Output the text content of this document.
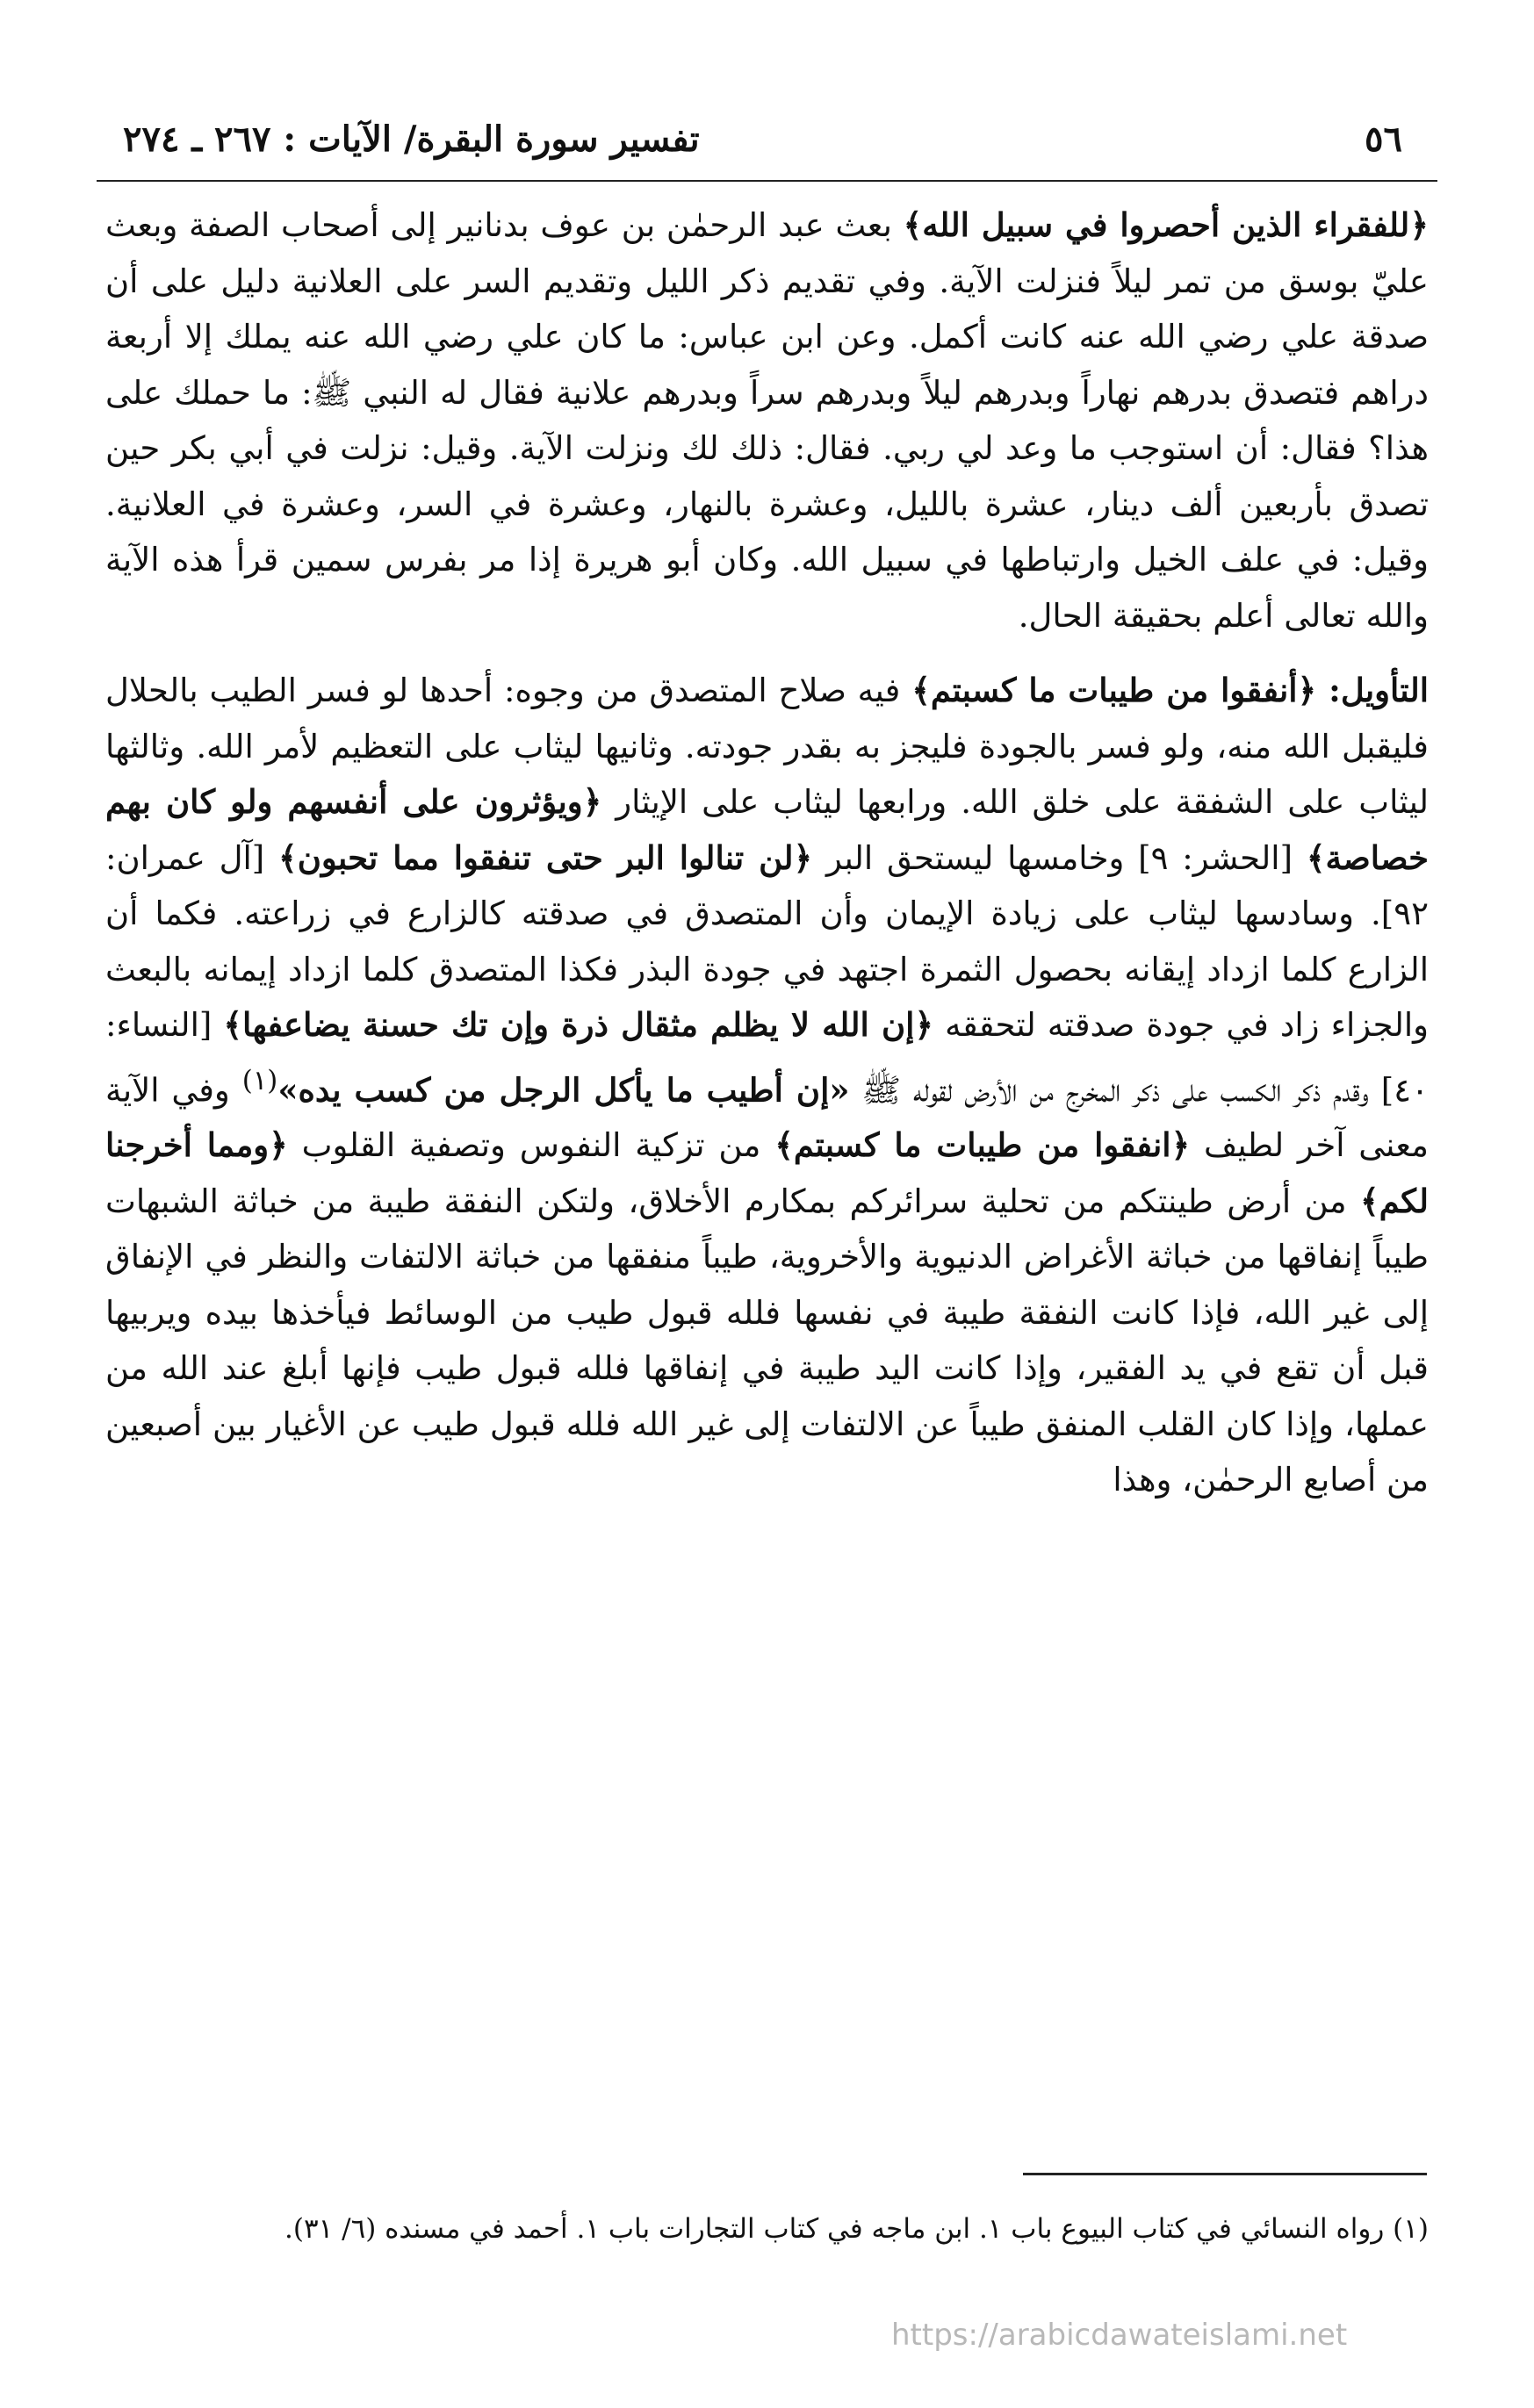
٥٦
تفسير سورة البقرة/ الآيات : ٢٦٧ ـ ٢٧٤

﴿للفقراء الذين أحصروا في سبيل الله﴾ بعث عبد الرحمٰن بن عوف بدنانير إلى أصحاب الصفة وبعث عليّ بوسق من تمر ليلاً فنزلت الآية. وفي تقديم ذكر الليل وتقديم السر على العلانية دليل على أن صدقة علي رضي الله عنه كانت أكمل. وعن ابن عباس: ما كان علي رضي الله عنه يملك إلا أربعة دراهم فتصدق بدرهم نهاراً وبدرهم ليلاً وبدرهم سراً وبدرهم علانية فقال له النبي ﷺ: ما حملك على هذا؟ فقال: أن استوجب ما وعد لي ربي. فقال: ذلك لك ونزلت الآية. وقيل: نزلت في أبي بكر حين تصدق بأربعين ألف دينار، عشرة بالليل، وعشرة بالنهار، وعشرة في السر، وعشرة في العلانية. وقيل: في علف الخيل وارتباطها في سبيل الله. وكان أبو هريرة إذا مر بفرس سمين قرأ هذه الآية والله تعالى أعلم بحقيقة الحال.

التأويل: ﴿أنفقوا من طيبات ما كسبتم﴾ فيه صلاح المتصدق من وجوه: أحدها لو فسر الطيب بالحلال فليقبل الله منه، ولو فسر بالجودة فليجز به بقدر جودته. وثانيها ليثاب على التعظيم لأمر الله. وثالثها ليثاب على الشفقة على خلق الله. ورابعها ليثاب على الإيثار ﴿ويؤثرون على أنفسهم ولو كان بهم خصاصة﴾ [الحشر: ٩] وخامسها ليستحق البر ﴿لن تنالوا البر حتى تنفقوا مما تحبون﴾ [آل عمران: ٩٢]. وسادسها ليثاب على زيادة الإيمان وأن المتصدق في صدقته كالزارع في زراعته. فكما أن الزارع كلما ازداد إيقانه بحصول الثمرة اجتهد في جودة البذر فكذا المتصدق كلما ازداد إيمانه بالبعث والجزاء زاد في جودة صدقته لتحققه ﴿إن الله لا يظلم مثقال ذرة وإن تك حسنة يضاعفها﴾ [النساء: ٤٠] وقدم ذكر الكسب على ذكر المخرج من الأرض لقوله ﷺ «إن أطيب ما يأكل الرجل من كسب يده»$^{(١)}$ وفي الآية معنى آخر لطيف ﴿انفقوا من طيبات ما كسبتم﴾ من تزكية النفوس وتصفية القلوب ﴿ومما أخرجنا لكم﴾ من أرض طينتكم من تحلية سرائركم بمكارم الأخلاق، ولتكن النفقة طيبة من خباثة الشبهات طيباً إنفاقها من خباثة الأغراض الدنيوية والأخروية، طيباً منفقها من خباثة الالتفات والنظر في الإنفاق إلى غير الله، فإذا كانت النفقة طيبة في نفسها فلله قبول طيب من الوسائط فيأخذها بيده ويربيها قبل أن تقع في يد الفقير، وإذا كانت اليد طيبة في إنفاقها فلله قبول طيب فإنها أبلغ عند الله من عملها، وإذا كان القلب المنفق طيباً عن الالتفات إلى غير الله فلله قبول طيب عن الأغيار بين أصبعين من أصابع الرحمٰن، وهذا

(١) رواه النسائي في كتاب البيوع باب ١. ابن ماجه في كتاب التجارات باب ١. أحمد في مسنده (٦/ ٣١).

https://arabicdawateislami.net
